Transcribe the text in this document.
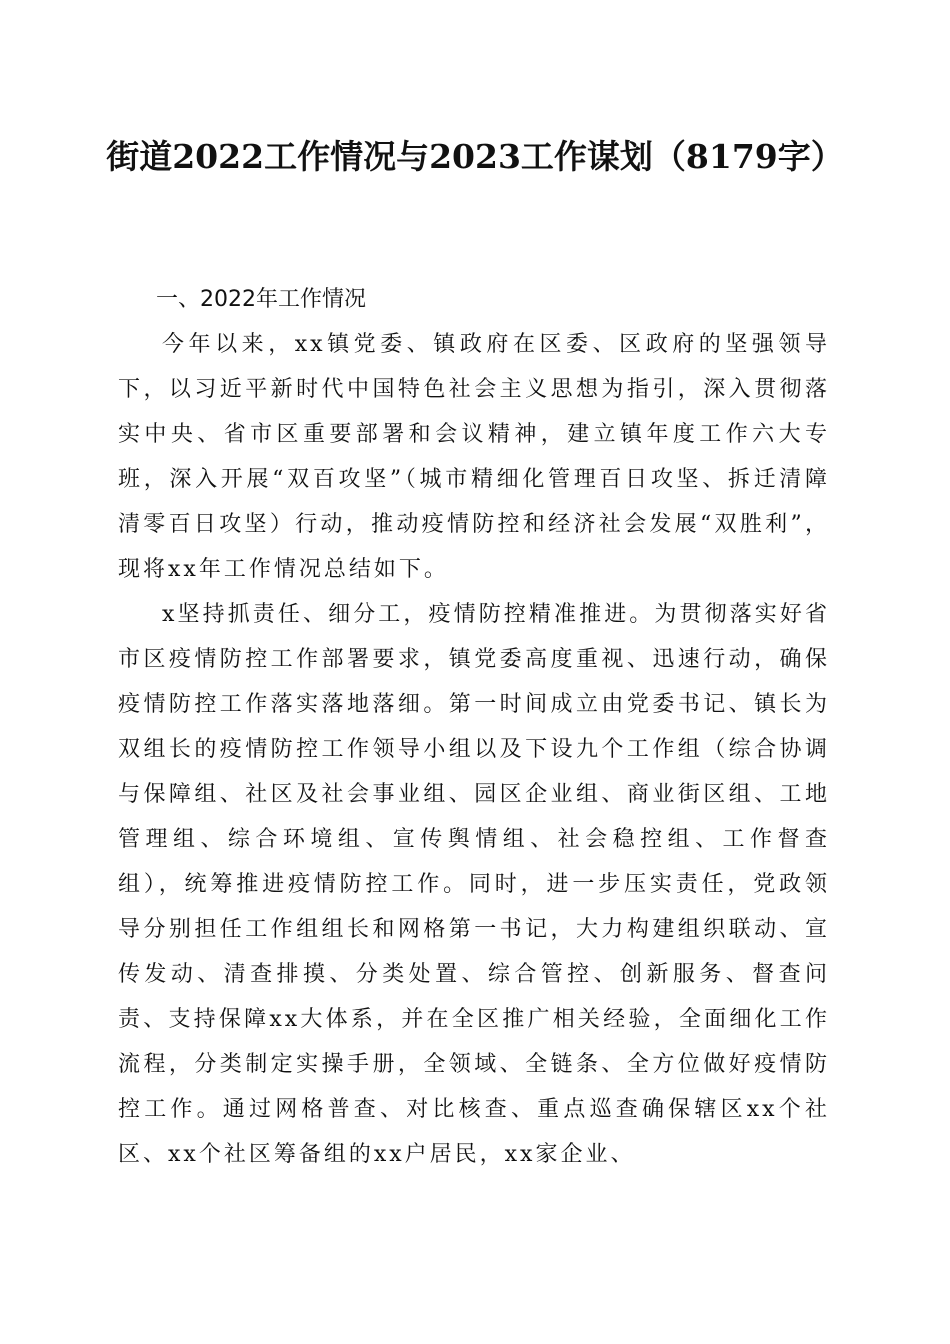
街道2022工作情况与2023工作谋划（8179字）
一、2022年工作情况

今年以来，xx镇党委、镇政府在区委、区政府的坚强领导下，以习近平新时代中国特色社会主义思想为指引，深入贯彻落实中央、省市区重要部署和会议精神，建立镇年度工作六大专班，深入开展“双百攻坚”（城市精细化管理百日攻坚、拆迁清障清零百日攻坚）行动，推动疫情防控和经济社会发展“双胜利”，现将xx年工作情况总结如下。

x坚持抓责任、细分工，疫情防控精准推进。为贯彻落实好省市区疫情防控工作部署要求，镇党委高度重视、迅速行动，确保疫情防控工作落实落地落细。第一时间成立由党委书记、镇长为双组长的疫情防控工作领导小组以及下设九个工作组（综合协调与保障组、社区及社会事业组、园区企业组、商业街区组、工地管理组、综合环境组、宣传舆情组、社会稳控组、工作督查组），统筹推进疫情防控工作。同时，进一步压实责任，党政领导分别担任工作组组长和网格第一书记，大力构建组织联动、宣传发动、清查排摸、分类处置、综合管控、创新服务、督查问责、支持保障xx大体系，并在全区推广相关经验，全面细化工作流程，分类制定实操手册，全领域、全链条、全方位做好疫情防控工作。通过网格普查、对比核查、重点巡查确保辖区xx个社区、xx个社区筹备组的xx户居民，xx家企业、
